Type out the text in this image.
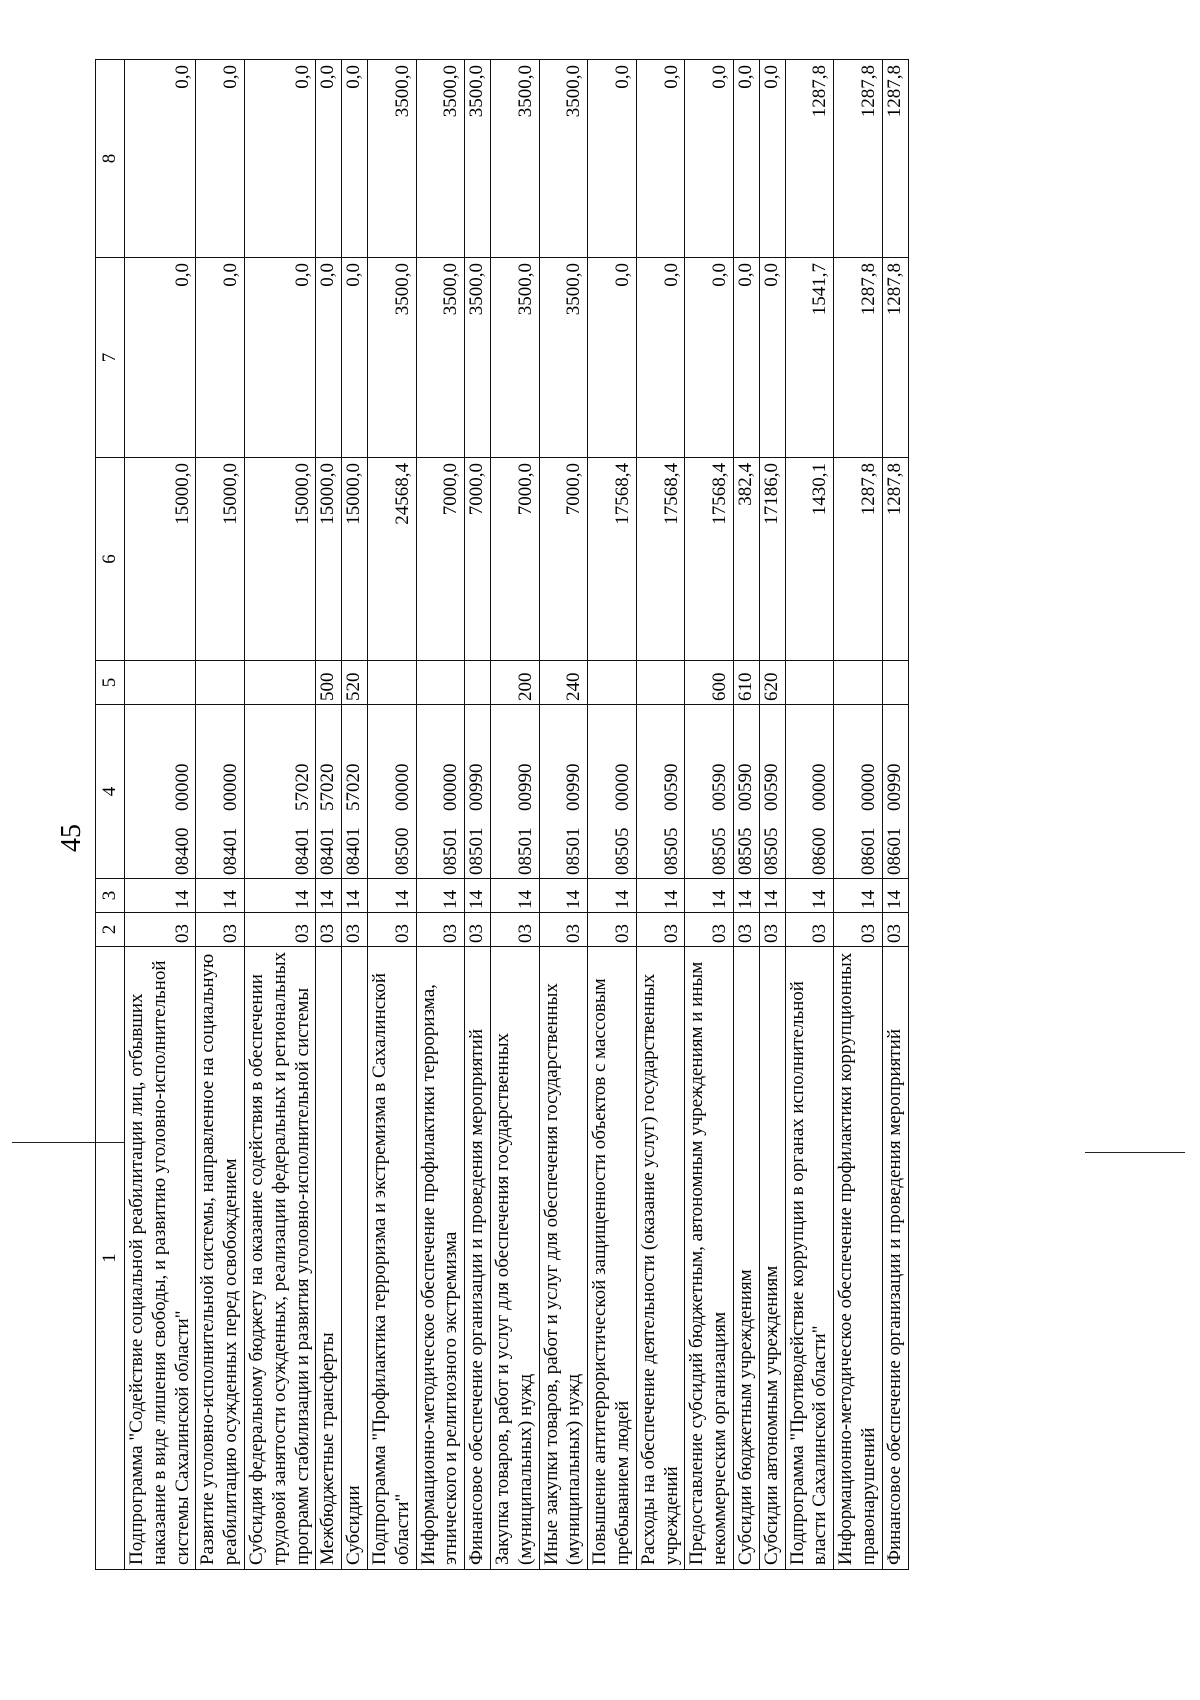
45
1	2	3	4	5	6	7	8
Подпрограмма "Содействие социальной реабилитации лиц, отбывших наказание в виде лишения свободы, и развитию уголовно-исполнительной системы Сахалинской области"	03	14	0840000000		15000,0	0,0	0,0
Развитие уголовно-исполнительной системы, направленное на социальную реабилитацию осужденных перед освобождением	03	14	0840100000		15000,0	0,0	0,0
Субсидия федеральному бюджету на оказание содействия в обеспечении трудовой занятости осужденных, реализации федеральных и региональных программ стабилизации и развития уголовно-исполнительной системы	03	14	0840157020		15000,0	0,0	0,0
Межбюджетные трансферты	03	14	0840157020	500	15000,0	0,0	0,0
Субсидии	03	14	0840157020	520	15000,0	0,0	0,0
Подпрограмма "Профилактика терроризма и экстремизма в Сахалинской области"	03	14	0850000000		24568,4	3500,0	3500,0
Информационно-методическое обеспечение профилактики терроризма, этнического и религиозного экстремизма	03	14	0850100000		7000,0	3500,0	3500,0
Финансовое обеспечение организации и проведения мероприятий	03	14	0850100990		7000,0	3500,0	3500,0
Закупка товаров, работ и услуг для обеспечения государственных (муниципальных) нужд	03	14	0850100990	200	7000,0	3500,0	3500,0
Иные закупки товаров, работ и услуг для обеспечения государственных (муниципальных) нужд	03	14	0850100990	240	7000,0	3500,0	3500,0
Повышение антитеррористической защищенности объектов с массовым пребыванием людей	03	14	0850500000		17568,4	0,0	0,0
Расходы на обеспечение деятельности (оказание услуг) государственных учреждений	03	14	0850500590		17568,4	0,0	0,0
Предоставление субсидий бюджетным, автономным учреждениям и иным некоммерческим организациям	03	14	0850500590	600	17568,4	0,0	0,0
Субсидии бюджетным учреждениям	03	14	0850500590	610	382,4	0,0	0,0
Субсидии автономным учреждениям	03	14	0850500590	620	17186,0	0,0	0,0
Подпрограмма "Противодействие коррупции в органах исполнительной власти Сахалинской области"	03	14	0860000000		1430,1	1541,7	1287,8
Информационно-методическое обеспечение профилактики коррупционных правонарушений	03	14	0860100000		1287,8	1287,8	1287,8
Финансовое обеспечение организации и проведения мероприятий	03	14	0860100990		1287,8	1287,8	1287,8
